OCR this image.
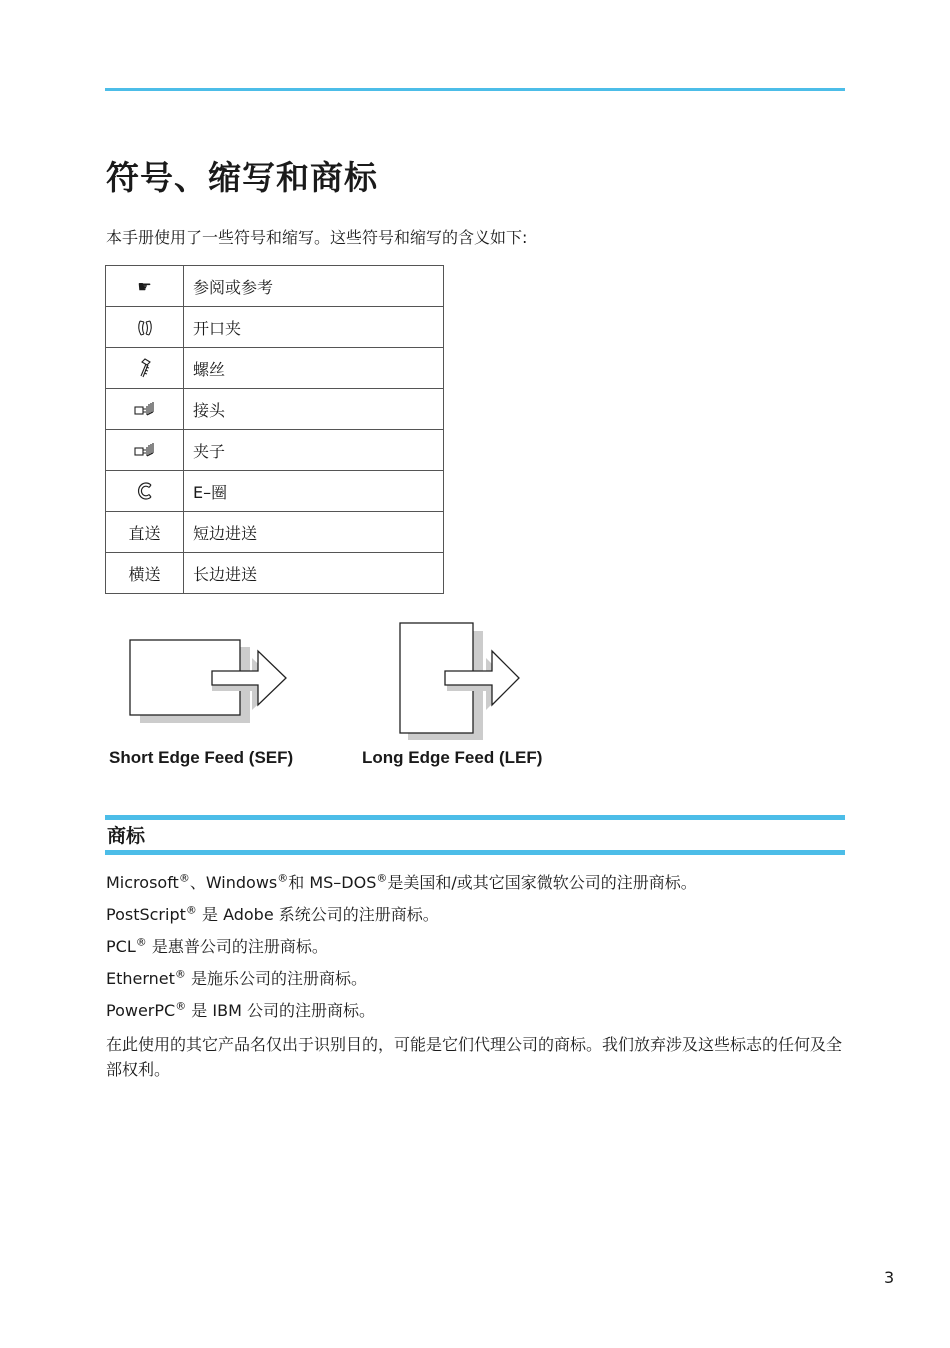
符号、缩写和商标

本手册使用了一些符号和缩写。这些符号和缩写的含义如下:

☛	参阅或参考
	开口夹
	螺丝
	接头
	夹子
	E–圈
直送	短边进送
横送	长边进送
Short Edge Feed (SEF)	Long Edge Feed (LEF)
商标

Microsoft®、Windows®和 MS–DOS®是美国和/或其它国家微软公司的注册商标。

PostScript® 是 Adobe 系统公司的注册商标。

PCL® 是惠普公司的注册商标。

Ethernet® 是施乐公司的注册商标。

PowerPC® 是 IBM 公司的注册商标。

在此使用的其它产品名仅出于识别目的，可能是它们代理公司的商标。我们放弃涉及这些标志的任何及全部权利。

3
